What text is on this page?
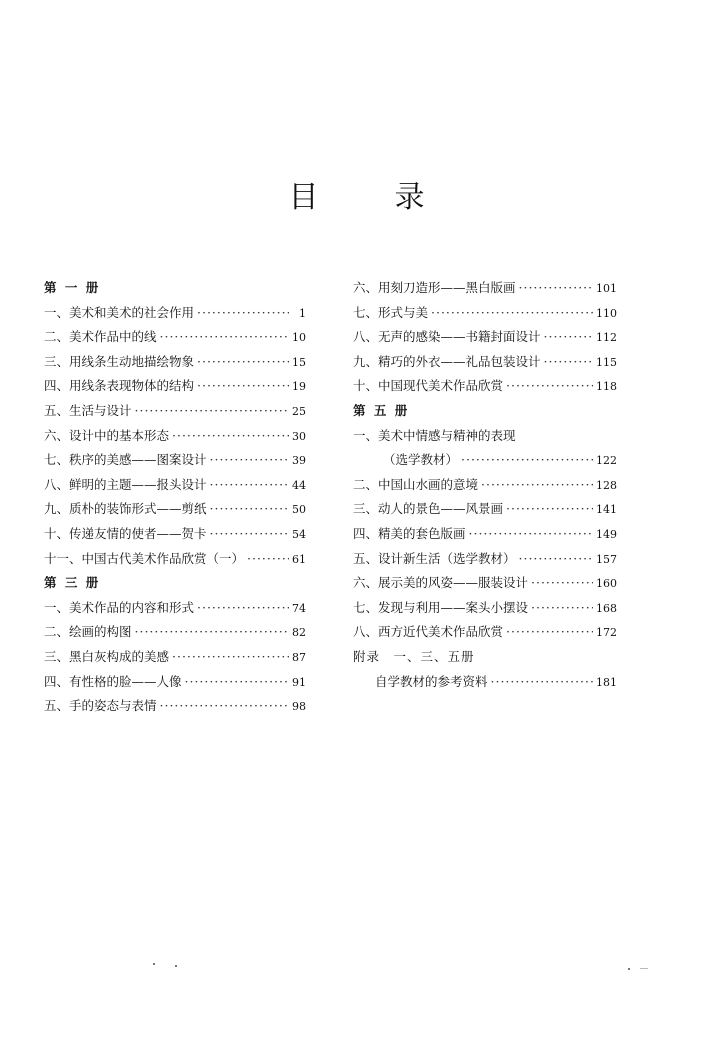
目	录
第 一 册
一、美术和美术的社会作用 ·····	1
二、美术作品中的线 ·····	10
三、用线条生动地描绘物象 ·····	15
四、用线条表现物体的结构 ·····	19
五、生活与设计 ·····	25
六、设计中的基本形态 ·····	30
七、秩序的美感——图案设计 ·····	39
八、鲜明的主题——报头设计 ·····	44
九、质朴的装饰形式——剪纸 ·····	50
十、传递友情的使者——贺卡 ·····	54
十一、中国古代美术作品欣赏（一） ·····	61
第 三 册
一、美术作品的内容和形式 ·····	74
二、绘画的构图 ·····	82
三、黑白灰构成的美感 ·····	87
四、有性格的脸——人像 ·····	91
五、手的姿态与表情 ·····	98
六、用刻刀造形——黑白版画 ·····	101
七、形式与美 ·····	110
八、无声的感染——书籍封面设计 ·····	112
九、精巧的外衣——礼品包装设计 ·····	115
十、中国现代美术作品欣赏 ·····	118
第 五 册
一、美术中情感与精神的表现
（选学教材） ·····	122
二、中国山水画的意境 ·····	128
三、动人的景色——风景画 ·····	141
四、精美的套色版画 ·····	149
五、设计新生活（选学教材） ·····	157
六、展示美的风姿——服装设计 ·····	160
七、发现与利用——案头小摆设 ·····	168
八、西方近代美术作品欣赏 ·····	172
附录　一、三、五册
自学教材的参考资料 ·····	181
